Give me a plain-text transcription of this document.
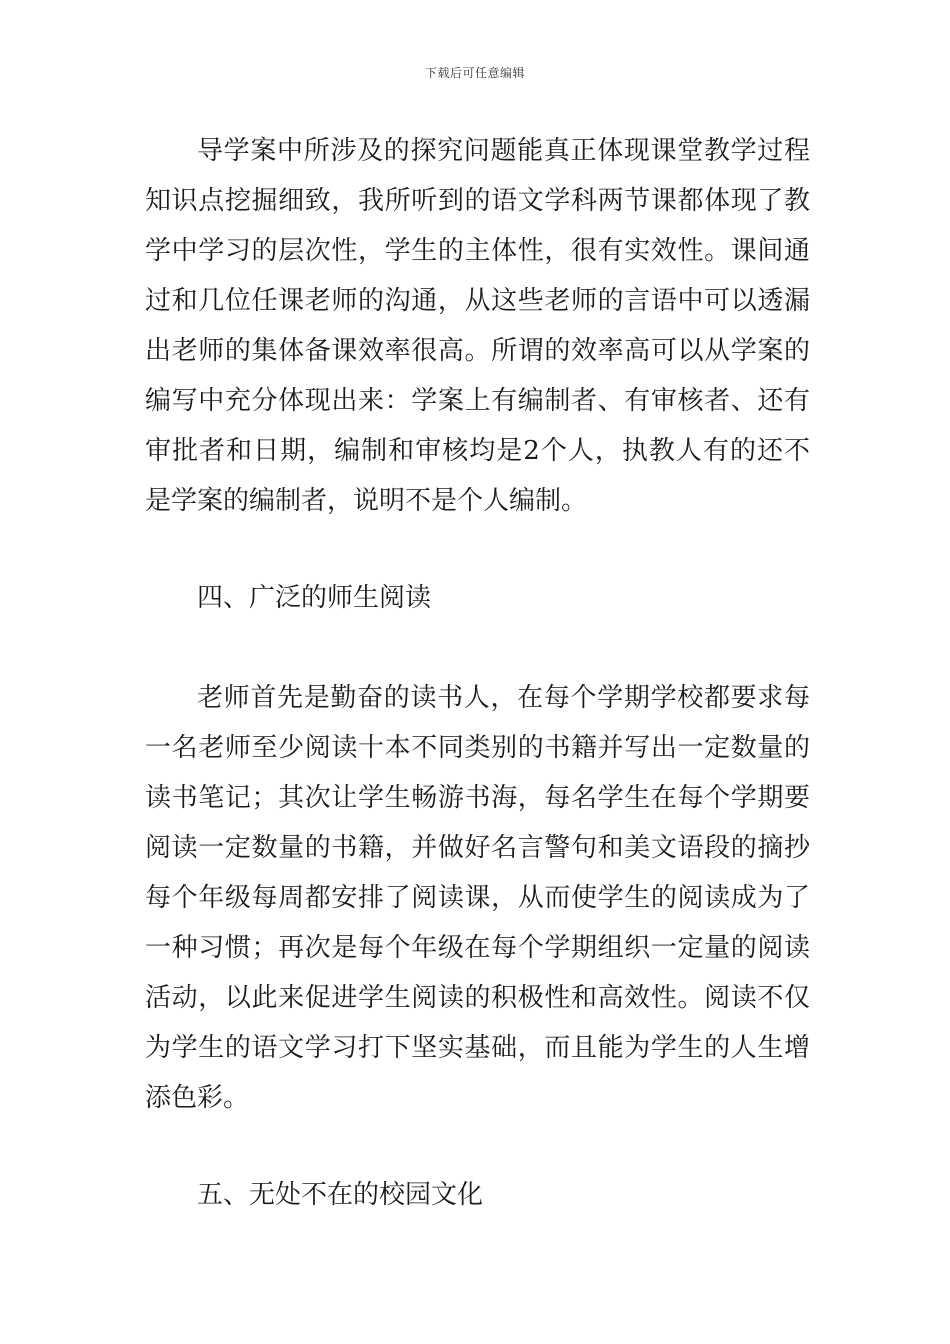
下载后可任意编辑
导学案中所涉及的探究问题能真正体现课堂教学过程知识点挖掘细致，我所听到的语文学科两节课都体现了教学中学习的层次性，学生的主体性，很有实效性。课间通过和几位任课老师的沟通，从这些老师的言语中可以透漏出老师的集体备课效率很高。所谓的效率高可以从学案的编写中充分体现出来：学案上有编制者、有审核者、还有审批者和日期，编制和审核均是2个人，执教人有的还不是学案的编制者，说明不是个人编制。
四、广泛的师生阅读
老师首先是勤奋的读书人，在每个学期学校都要求每一名老师至少阅读十本不同类别的书籍并写出一定数量的读书笔记；其次让学生畅游书海，每名学生在每个学期要阅读一定数量的书籍，并做好名言警句和美文语段的摘抄每个年级每周都安排了阅读课，从而使学生的阅读成为了一种习惯；再次是每个年级在每个学期组织一定量的阅读活动，以此来促进学生阅读的积极性和高效性。阅读不仅为学生的语文学习打下坚实基础，而且能为学生的人生增添色彩。
五、无处不在的校园文化
